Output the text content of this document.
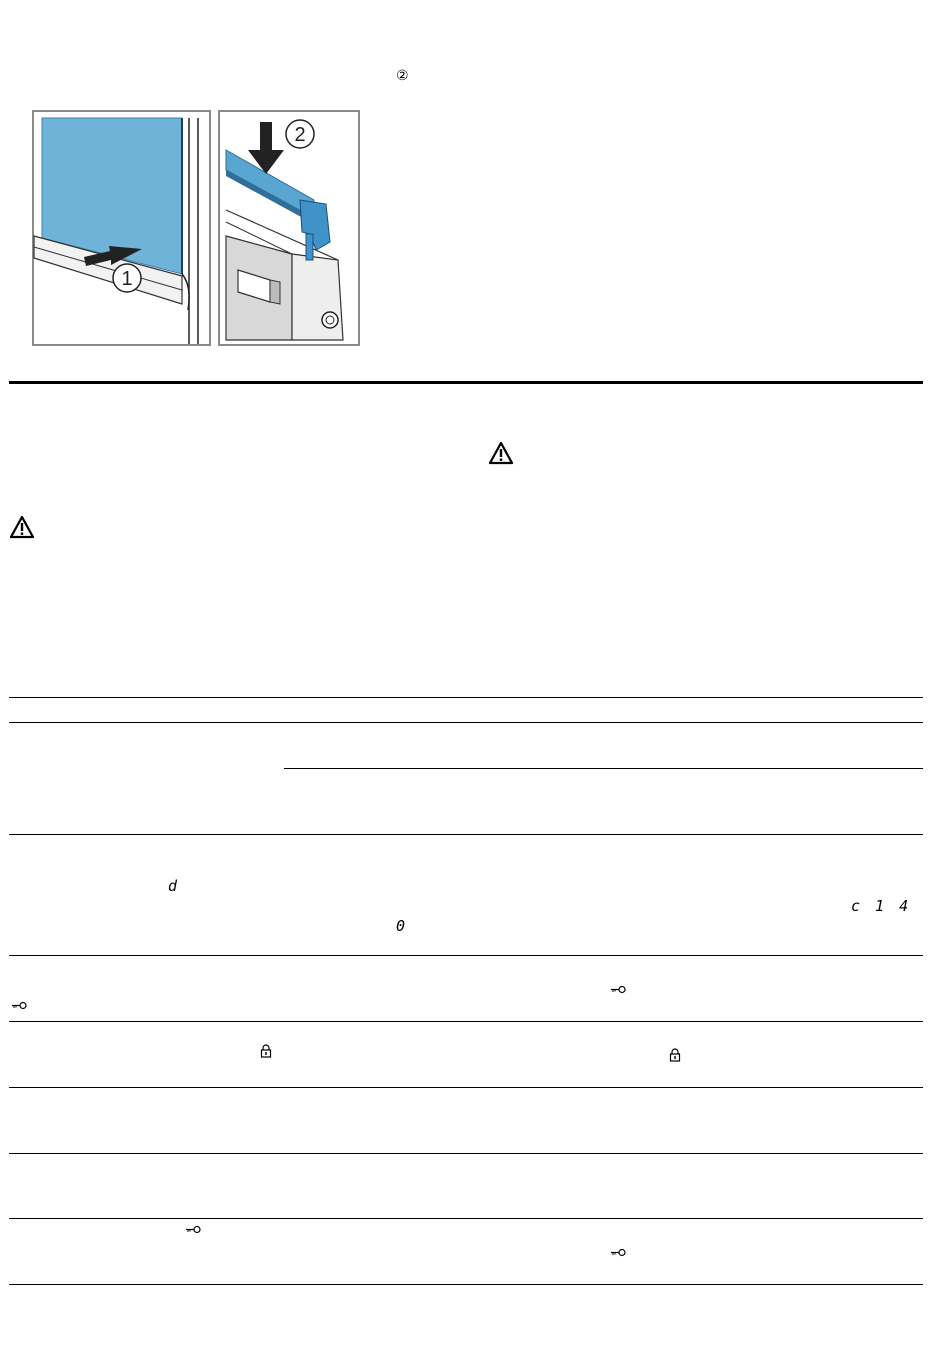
②
1
2
d
0
c 1 4
